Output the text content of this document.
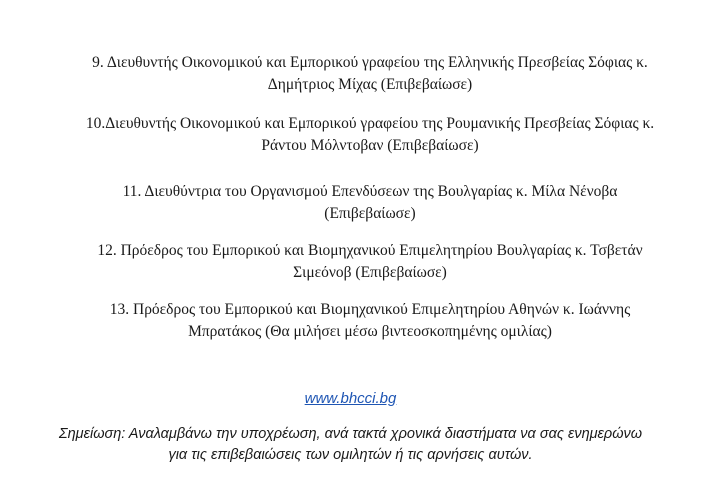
9. Διευθυντής Οικονομικού και Εμπορικού γραφείου της Ελληνικής Πρεσβείας Σόφιας κ.
Δημήτριος Μίχας (Επιβεβαίωσε)
10.Διευθυντής Οικονομικού και Εμπορικού γραφείου της Ρουμανικής Πρεσβείας Σόφιας κ.
Ράντου Μόλντοβαν (Επιβεβαίωσε)
11. Διευθύντρια του Οργανισμού Επενδύσεων της Βουλγαρίας κ. Μίλα Νένοβα
(Επιβεβαίωσε)
12. Πρόεδρος του Εμπορικού και Βιομηχανικού Επιμελητηρίου Βουλγαρίας κ. Τσβετάν
Σιμεόνοβ (Επιβεβαίωσε)
13. Πρόεδρος του Εμπορικού και Βιομηχανικού Επιμελητηρίου Αθηνών κ. Ιωάννης
Μπρατάκος (Θα μιλήσει μέσω βιντεοσκοπημένης ομιλίας)
www.bhcci.bg
Σημείωση: Αναλαμβάνω την υποχρέωση, ανά τακτά χρονικά διαστήματα να σας ενημερώνω
για τις επιβεβαιώσεις των ομιλητών ή τις αρνήσεις αυτών.
